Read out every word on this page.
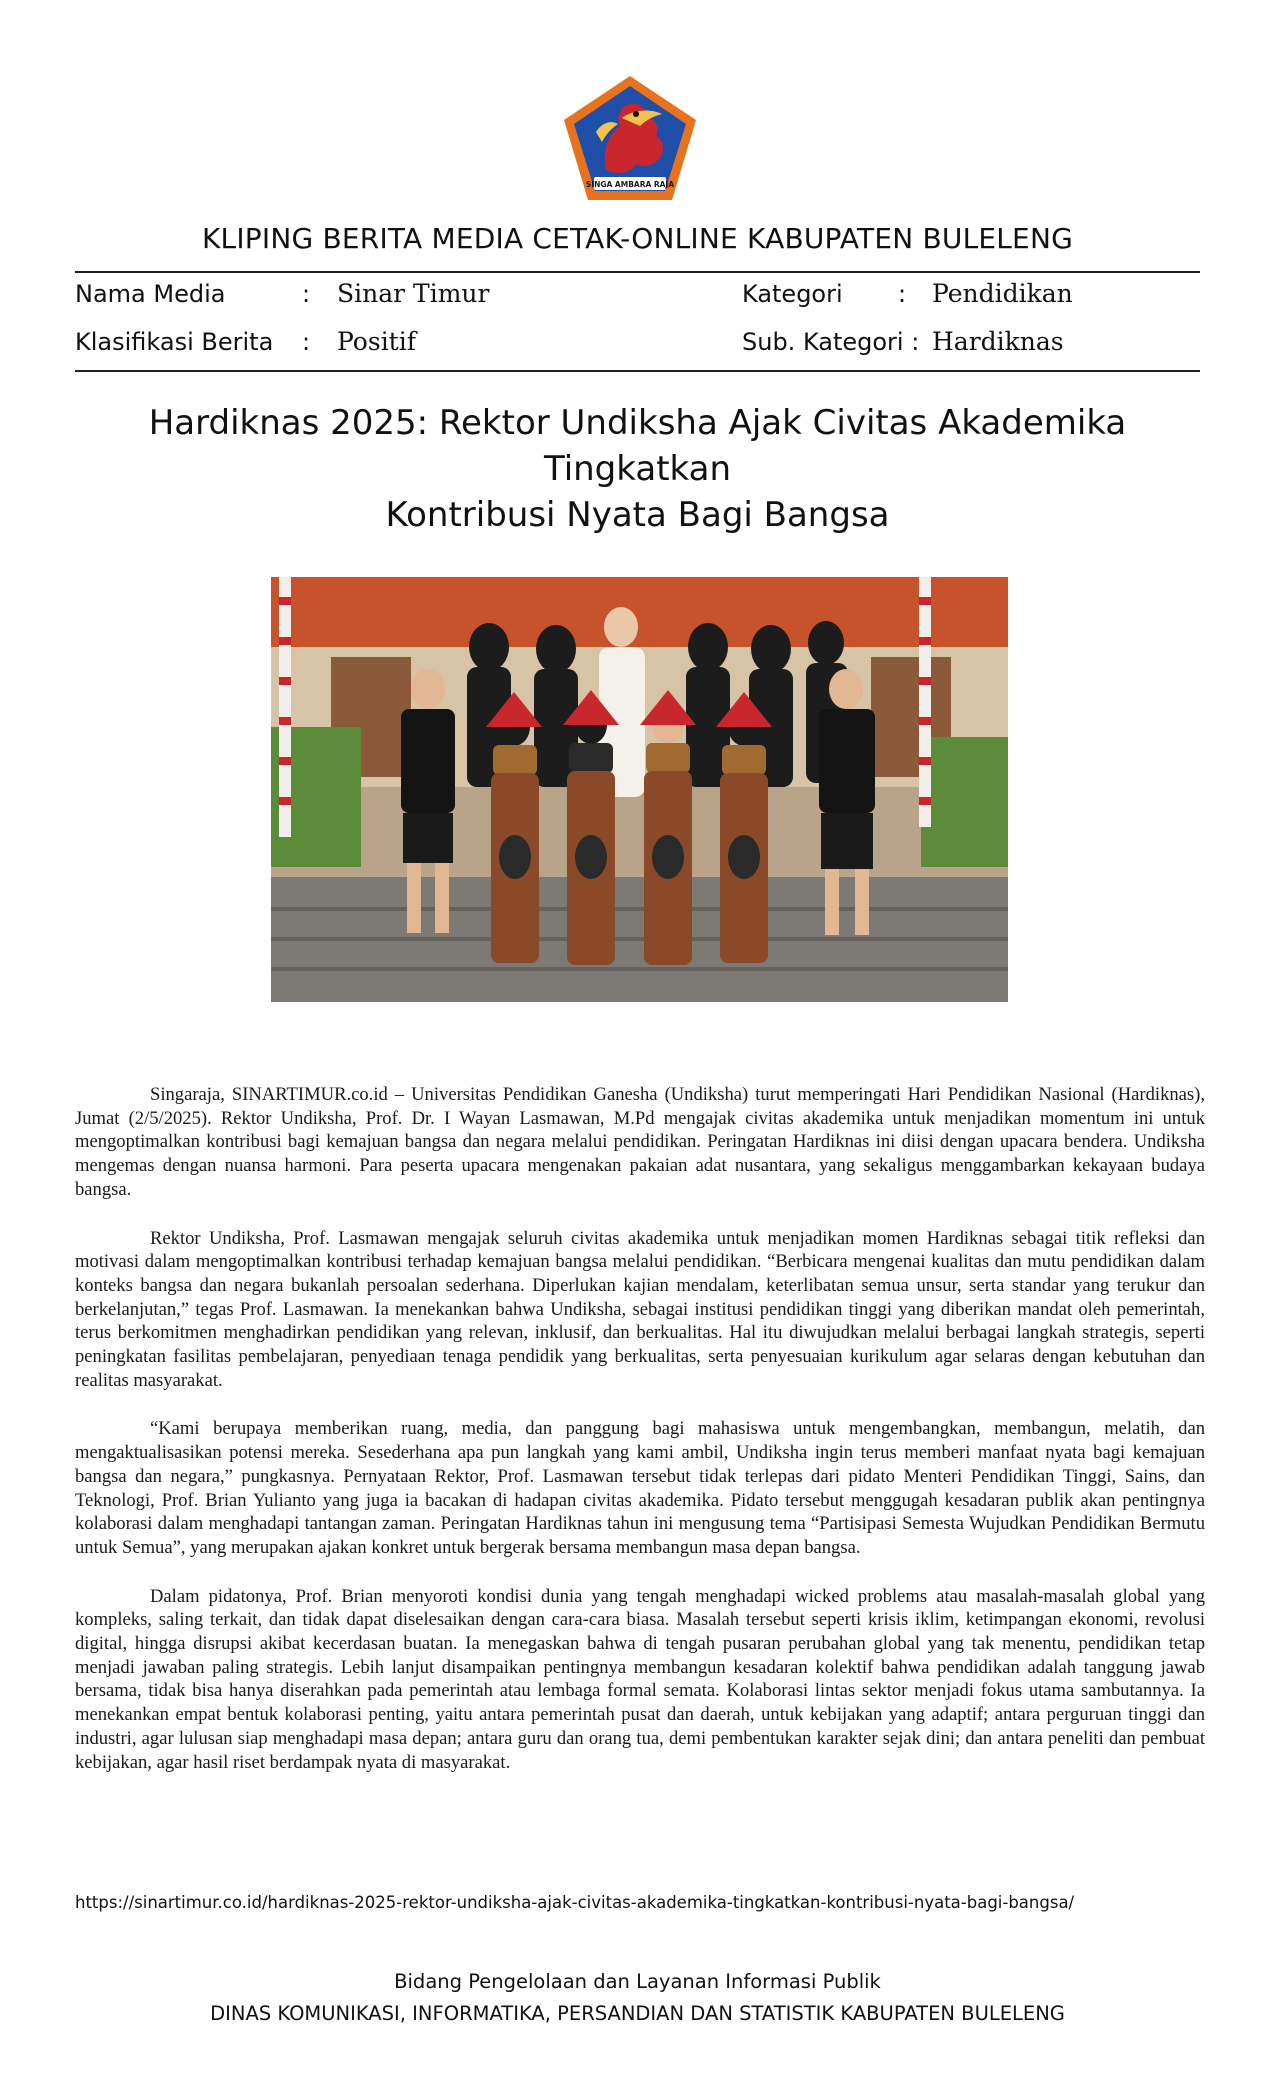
SINGA AMBARA RAJA
KLIPING BERITA MEDIA CETAK-ONLINE KABUPATEN BULELENG
Nama Media	: Sinar Timur	Kategori : Pendidikan
Klasifikasi Berita : Positif	Sub. Kategori : Hardiknas
Hardiknas 2025: Rektor Undiksha Ajak Civitas Akademika Tingkatkan
Kontribusi Nyata Bagi Bangsa

Singaraja, SINARTIMUR.co.id – Universitas Pendidikan Ganesha (Undiksha) turut memperingati Hari Pendidikan Nasional (Hardiknas), Jumat (2/5/2025). Rektor Undiksha, Prof. Dr. I Wayan Lasmawan, M.Pd mengajak civitas akademika untuk menjadikan momentum ini untuk mengoptimalkan kontribusi bagi kemajuan bangsa dan negara melalui pendidikan. Peringatan Hardiknas ini diisi dengan upacara bendera. Undiksha mengemas dengan nuansa harmoni. Para peserta upacara mengenakan pakaian adat nusantara, yang sekaligus menggambarkan kekayaan budaya bangsa.

Rektor Undiksha, Prof. Lasmawan mengajak seluruh civitas akademika untuk menjadikan momen Hardiknas sebagai titik refleksi dan motivasi dalam mengoptimalkan kontribusi terhadap kemajuan bangsa melalui pendidikan. “Berbicara mengenai kualitas dan mutu pendidikan dalam konteks bangsa dan negara bukanlah persoalan sederhana. Diperlukan kajian mendalam, keterlibatan semua unsur, serta standar yang terukur dan berkelanjutan,” tegas Prof. Lasmawan. Ia menekankan bahwa Undiksha, sebagai institusi pendidikan tinggi yang diberikan mandat oleh pemerintah, terus berkomitmen menghadirkan pendidikan yang relevan, inklusif, dan berkualitas. Hal itu diwujudkan melalui berbagai langkah strategis, seperti peningkatan fasilitas pembelajaran, penyediaan tenaga pendidik yang berkualitas, serta penyesuaian kurikulum agar selaras dengan kebutuhan dan realitas masyarakat.

“Kami berupaya memberikan ruang, media, dan panggung bagi mahasiswa untuk mengembangkan, membangun, melatih, dan mengaktualisasikan potensi mereka. Sesederhana apa pun langkah yang kami ambil, Undiksha ingin terus memberi manfaat nyata bagi kemajuan bangsa dan negara,” pungkasnya. Pernyataan Rektor, Prof. Lasmawan tersebut tidak terlepas dari pidato Menteri Pendidikan Tinggi, Sains, dan Teknologi, Prof. Brian Yulianto yang juga ia bacakan di hadapan civitas akademika. Pidato tersebut menggugah kesadaran publik akan pentingnya kolaborasi dalam menghadapi tantangan zaman. Peringatan Hardiknas tahun ini mengusung tema “Partisipasi Semesta Wujudkan Pendidikan Bermutu untuk Semua”, yang merupakan ajakan konkret untuk bergerak bersama membangun masa depan bangsa.

Dalam pidatonya, Prof. Brian menyoroti kondisi dunia yang tengah menghadapi wicked problems atau masalah-masalah global yang kompleks, saling terkait, dan tidak dapat diselesaikan dengan cara-cara biasa. Masalah tersebut seperti krisis iklim, ketimpangan ekonomi, revolusi digital, hingga disrupsi akibat kecerdasan buatan. Ia menegaskan bahwa di tengah pusaran perubahan global yang tak menentu, pendidikan tetap menjadi jawaban paling strategis. Lebih lanjut disampaikan pentingnya membangun kesadaran kolektif bahwa pendidikan adalah tanggung jawab bersama, tidak bisa hanya diserahkan pada pemerintah atau lembaga formal semata. Kolaborasi lintas sektor menjadi fokus utama sambutannya. Ia menekankan empat bentuk kolaborasi penting, yaitu antara pemerintah pusat dan daerah, untuk kebijakan yang adaptif; antara perguruan tinggi dan industri, agar lulusan siap menghadapi masa depan; antara guru dan orang tua, demi pembentukan karakter sejak dini; dan antara peneliti dan pembuat kebijakan, agar hasil riset berdampak nyata di masyarakat.

https://sinartimur.co.id/hardiknas-2025-rektor-undiksha-ajak-civitas-akademika-tingkatkan-kontribusi-nyata-bagi-bangsa/
Bidang Pengelolaan dan Layanan Informasi Publik
DINAS KOMUNIKASI, INFORMATIKA, PERSANDIAN DAN STATISTIK KABUPATEN BULELENG
